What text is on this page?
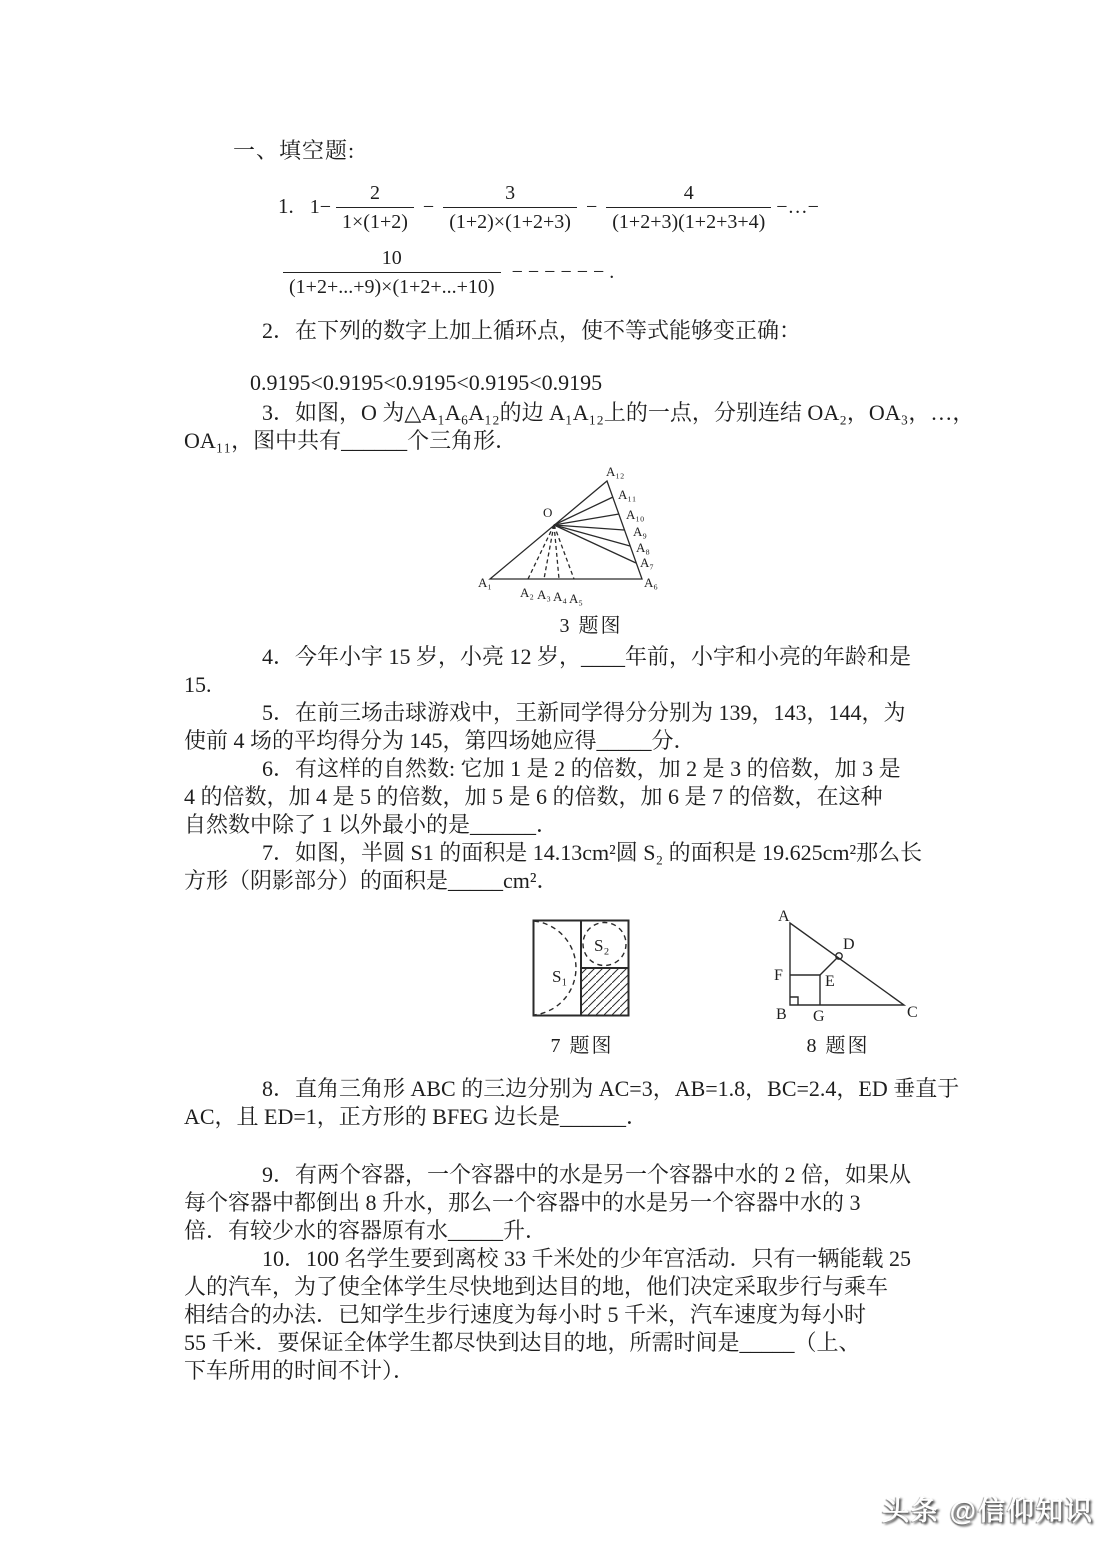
一、填空题:
1. $1- \frac{2}{1\times(1+2)} - \frac{3}{(1+2)\times(1+2+3)} - \frac{4}{(1+2+3)(1+2+3+4)}$ −…−
$\frac{10}{(1+2+...+9)\times(1+2+...+10)}$ −−−−−−.
2．在下列的数字上加上循环点，使不等式能够变正确：
0.9195<0.9195<0.9195<0.9195<0.9195
3．如图，O 为△A₁A₆A₁₂的边 A₁A₁₂上的一点，分别连结 OA₂，OA₃，…，
OA₁₁，图中共有______个三角形．
O
A₁
A₂ A₃ A₄ A₅
A₆
A₇
A₈
A₉
A₁₀
A₁₁
A₁₂
3 题图
4．今年小宇 15 岁，小亮 12 岁，____年前，小宇和小亮的年龄和是
15.
5．在前三场击球游戏中，王新同学得分分别为 139，143，144，为
使前 4 场的平均得分为 145，第四场她应得_____分．
6．有这样的自然数: 它加 1 是 2 的倍数，加 2 是 3 的倍数，加 3 是
4 的倍数，加 4 是 5 的倍数，加 5 是 6 的倍数，加 6 是 7 的倍数，在这种
自然数中除了 1 以外最小的是______．
7．如图，半圆 S1 的面积是 14.13cm²圆 S₂ 的面积是 19.625cm²那么长
方形（阴影部分）的面积是_____cm²．
S₁
S₂
7 题图
A
B	C
D
E
F
G
8 题图
8．直角三角形 ABC 的三边分别为 AC=3，AB=1.8，BC=2.4，ED 垂直于
AC，且 ED=1，正方形的 BFEG 边长是______．
9．有两个容器，一个容器中的水是另一个容器中水的 2 倍，如果从
每个容器中都倒出 8 升水，那么一个容器中的水是另一个容器中水的 3
倍．有较少水的容器原有水_____升．
10．100 名学生要到离校 33 千米处的少年宫活动．只有一辆能载 25
人的汽车，为了使全体学生尽快地到达目的地，他们决定采取步行与乘车
相结合的办法．已知学生步行速度为每小时 5 千米，汽车速度为每小时
55 千米．要保证全体学生都尽快到达目的地，所需时间是_____（上、
下车所用的时间不计）．
头条 @信仰知识
